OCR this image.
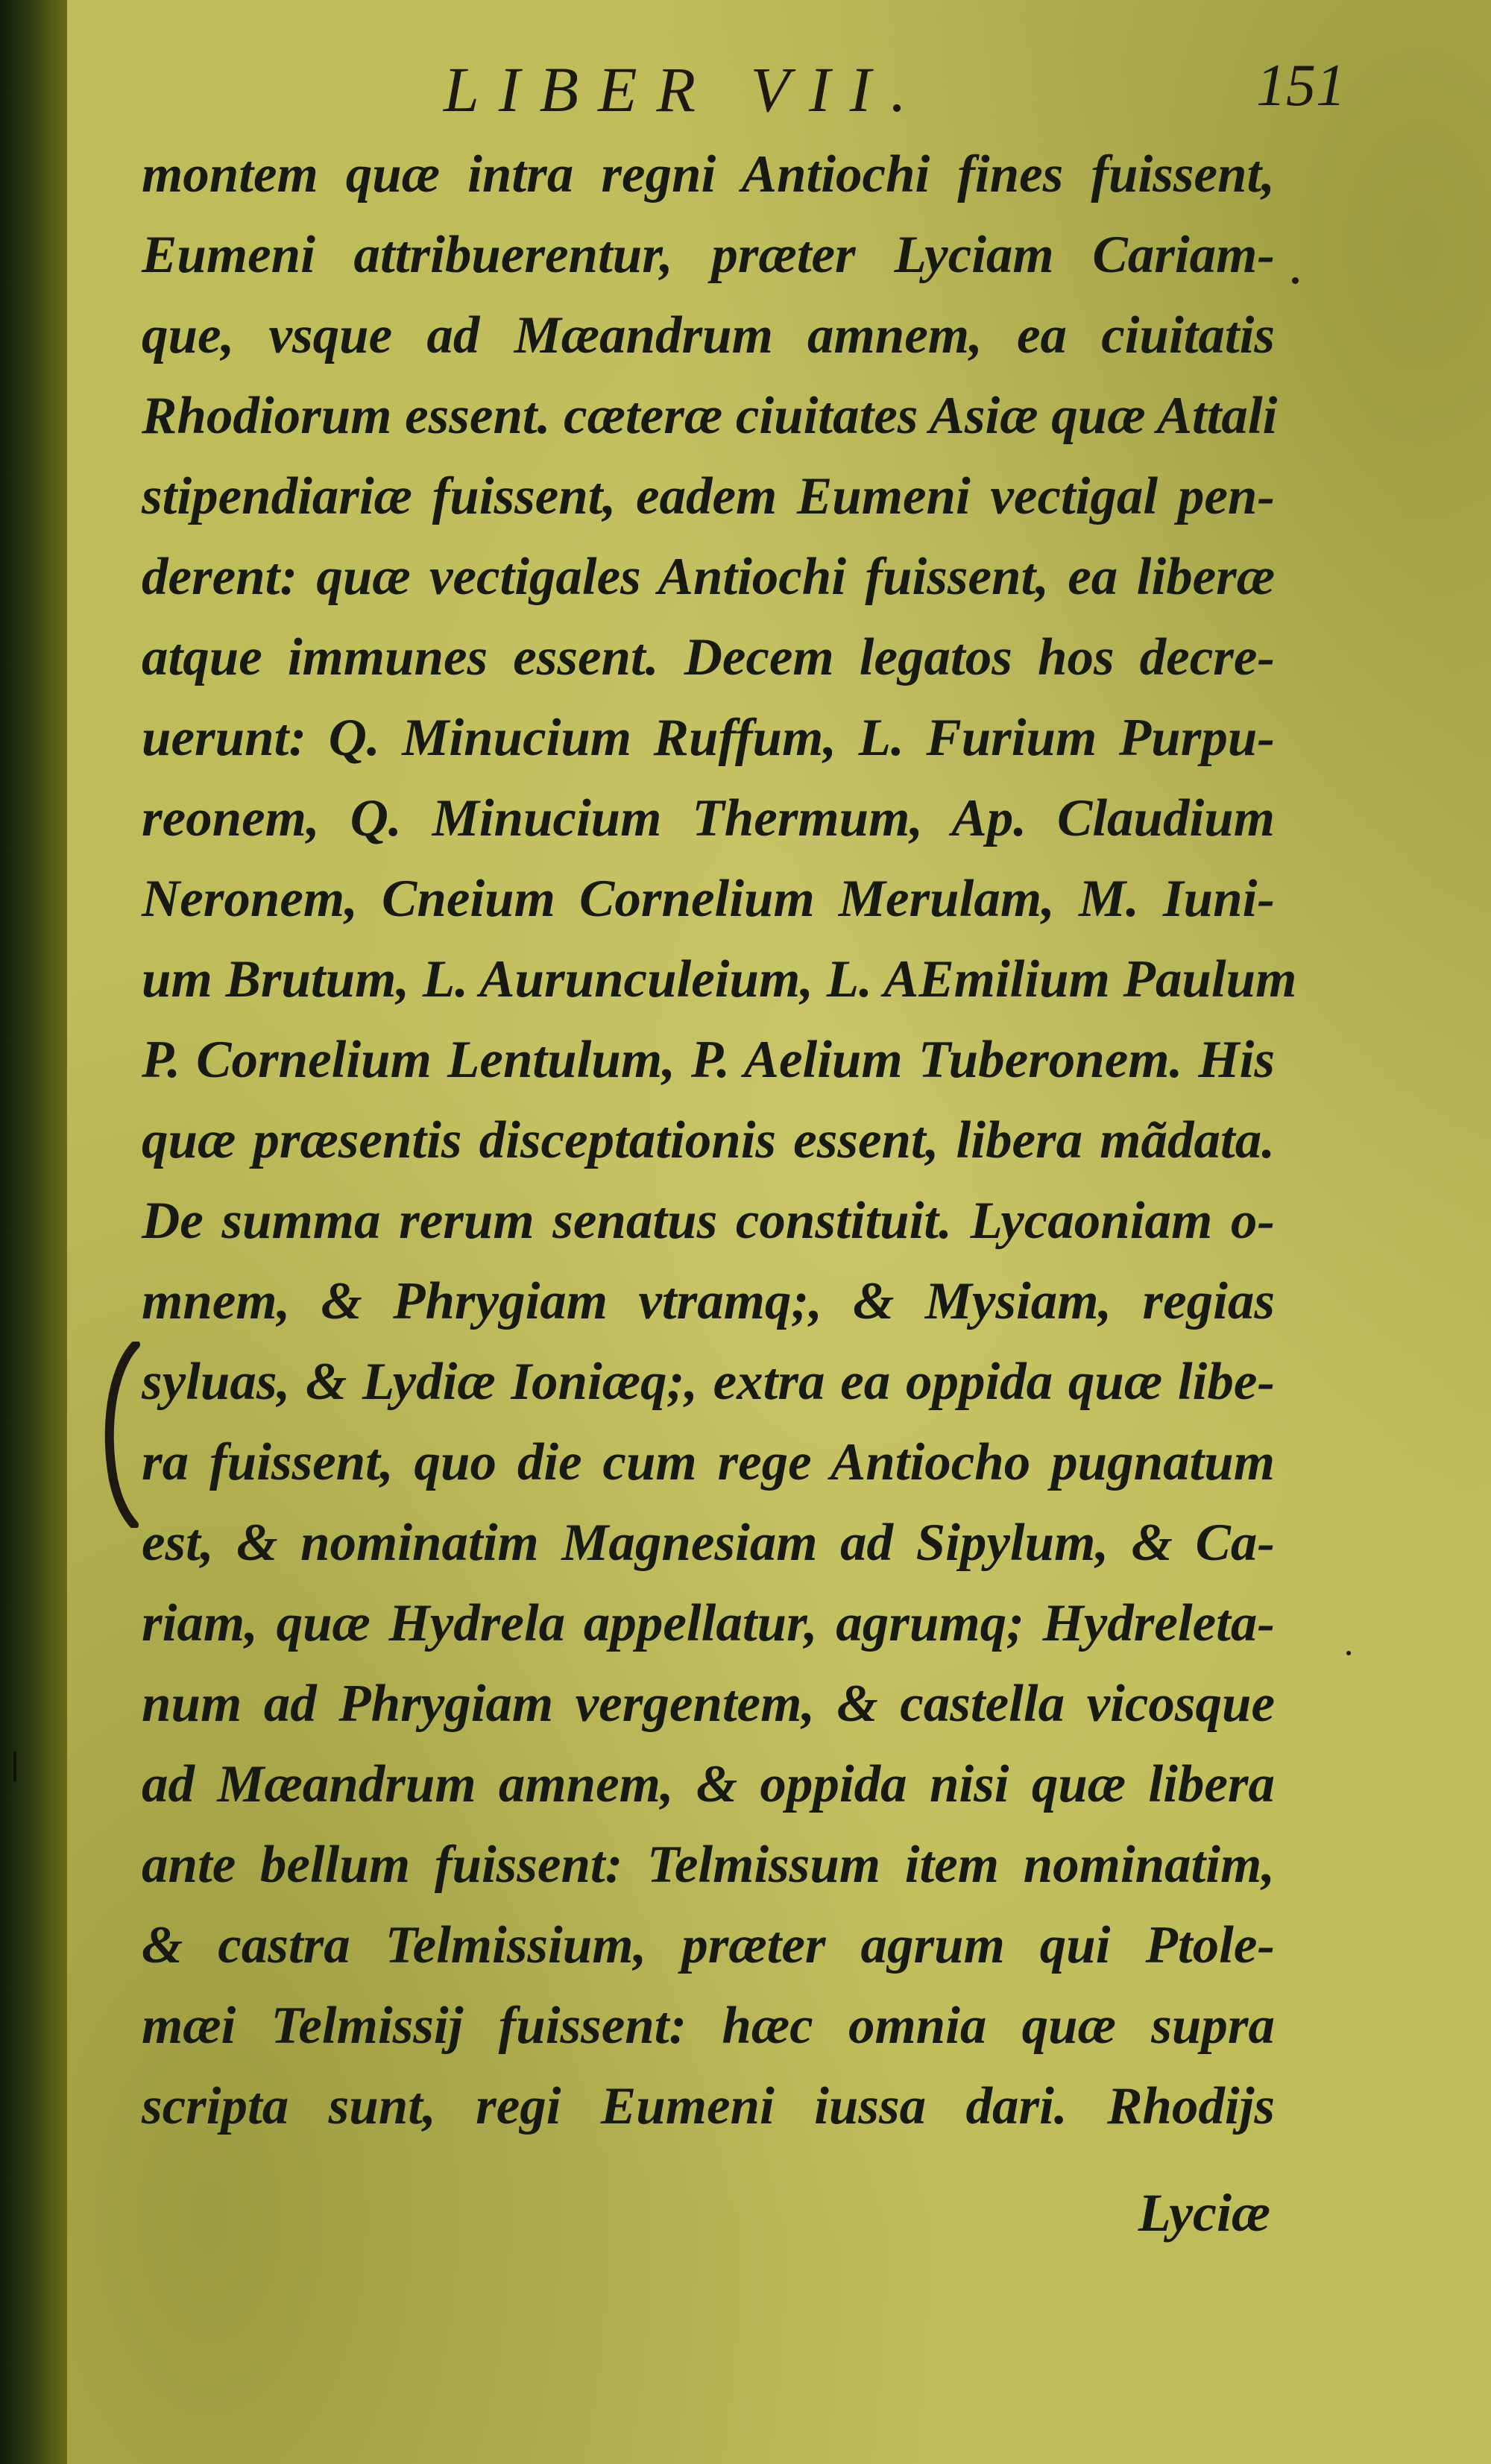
LIBER VII.	151
montem quæ intra regni Antiochi fines fuissent,
Eumeni attribuerentur, præter Lyciam Cariam-
que, vsque ad Mæandrum amnem, ea ciuitatis
Rhodiorum essent. cæteræ ciuitates Asiæ quæ Attali
stipendiariæ fuissent, eadem Eumeni vectigal pen-
derent: quæ vectigales Antiochi fuissent, ea liberæ
atque immunes essent. Decem legatos hos decre-
uerunt: Q. Minucium Ruffum, L. Furium Purpu-
reonem, Q. Minucium Thermum, Ap. Claudium
Neronem, Cneium Cornelium Merulam, M. Iuni-
um Brutum, L. Aurunculeium, L. AEmilium Paulum
P. Cornelium Lentulum, P. Aelium Tuberonem. His
quæ præsentis disceptationis essent, libera mãdata.
De summa rerum senatus constituit. Lycaoniam o-
mnem, & Phrygiam vtramq;, & Mysiam, regias
syluas, & Lydiæ Ioniæq;, extra ea oppida quæ libe-
ra fuissent, quo die cum rege Antiocho pugnatum
est, & nominatim Magnesiam ad Sipylum, & Ca-
riam, quæ Hydrela appellatur, agrumq; Hydreleta-
num ad Phrygiam vergentem, & castella vicosque
ad Mæandrum amnem, & oppida nisi quæ libera
ante bellum fuissent: Telmissum item nominatim,
& castra Telmissium, præter agrum qui Ptole-
mæi Telmissij fuissent: hæc omnia quæ supra
scripta sunt, regi Eumeni iussa dari. Rhodijs
Lyciæ
